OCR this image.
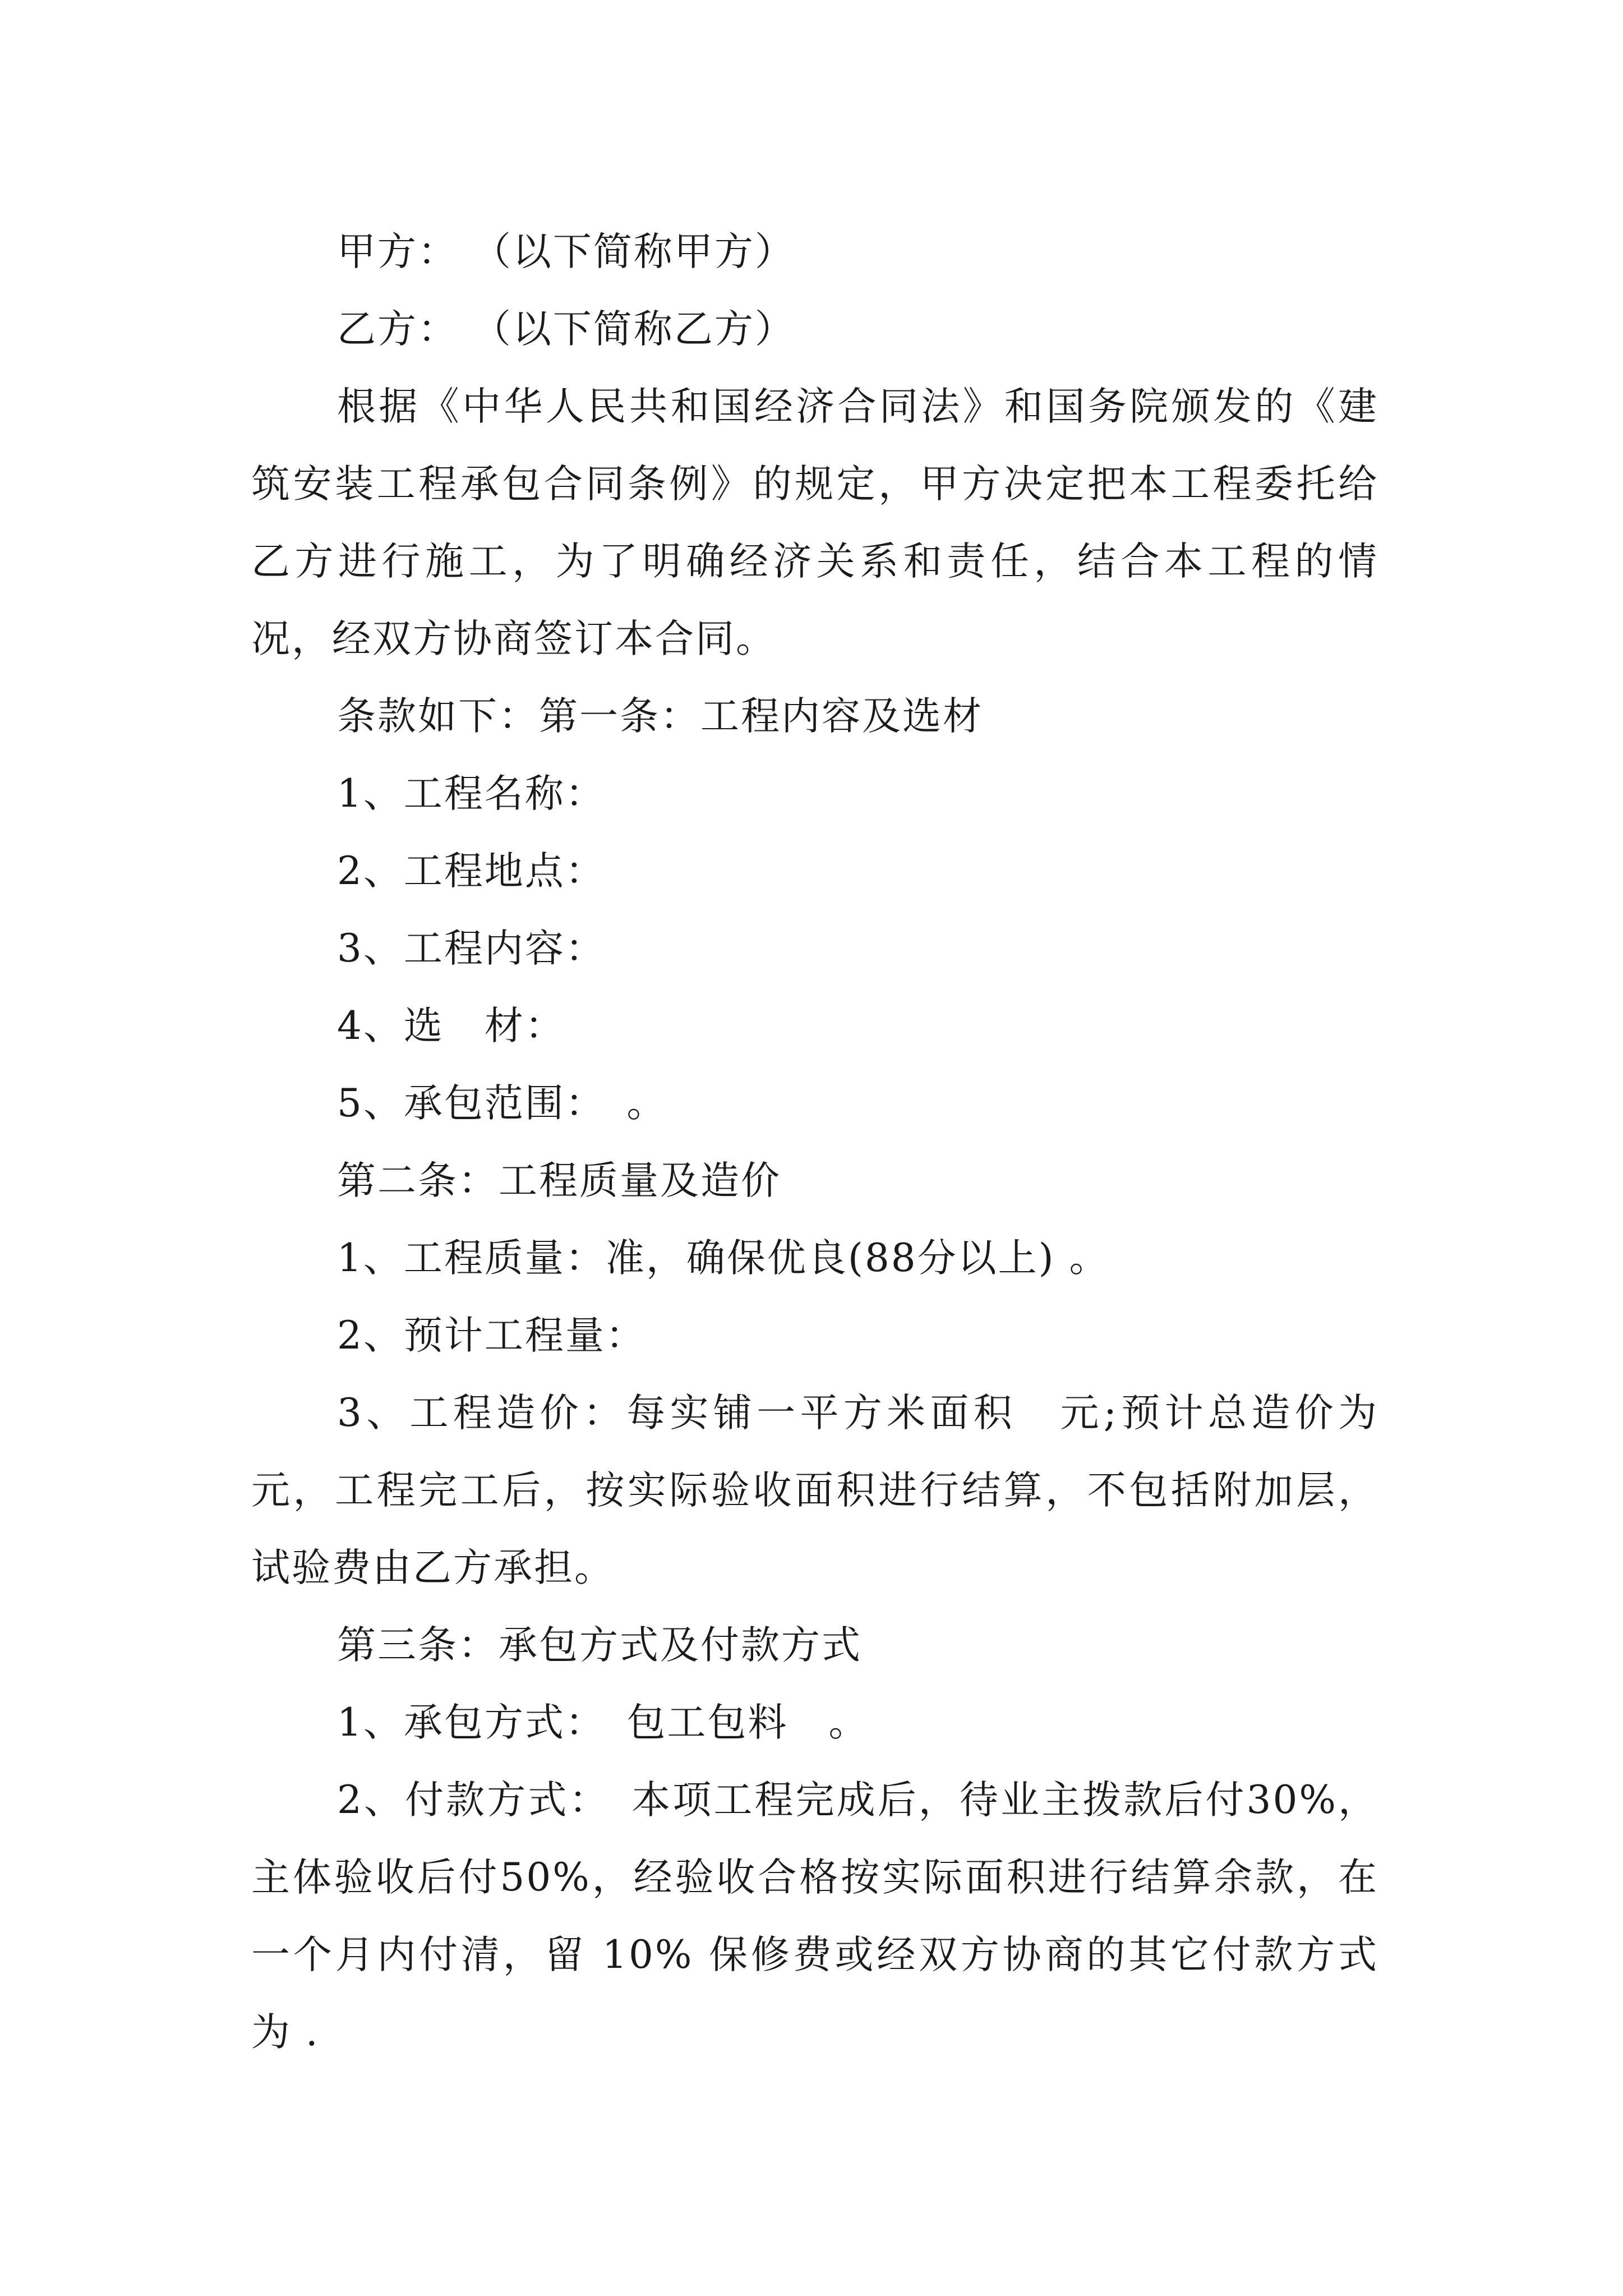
甲方： （以下简称甲方）

乙方： （以下简称乙方）

根据《中华人民共和国经济合同法》和国务院颁发的《建筑安装工程承包合同条例》的规定，甲方决定把本工程委托给乙方进行施工，为了明确经济关系和责任，结合本工程的情况，经双方协商签订本合同。

条款如下：第一条：工程内容及选材

1、工程名称：

2、工程地点：

3、工程内容：

4、选　材：

5、承包范围：　。

第二条：工程质量及造价

1、工程质量：准，确保优良(88分以上) 。

2、预计工程量：

3、工程造价：每实铺一平方米面积　元;预计总造价为元，工程完工后，按实际验收面积进行结算，不包括附加层，试验费由乙方承担。

第三条：承包方式及付款方式

1、承包方式：　包工包料　。

2、付款方式：　本项工程完成后，待业主拨款后付30%，主体验收后付50%，经验收合格按实际面积进行结算余款，在一个月内付清，留 10% 保修费或经双方协商的其它付款方式为 .
